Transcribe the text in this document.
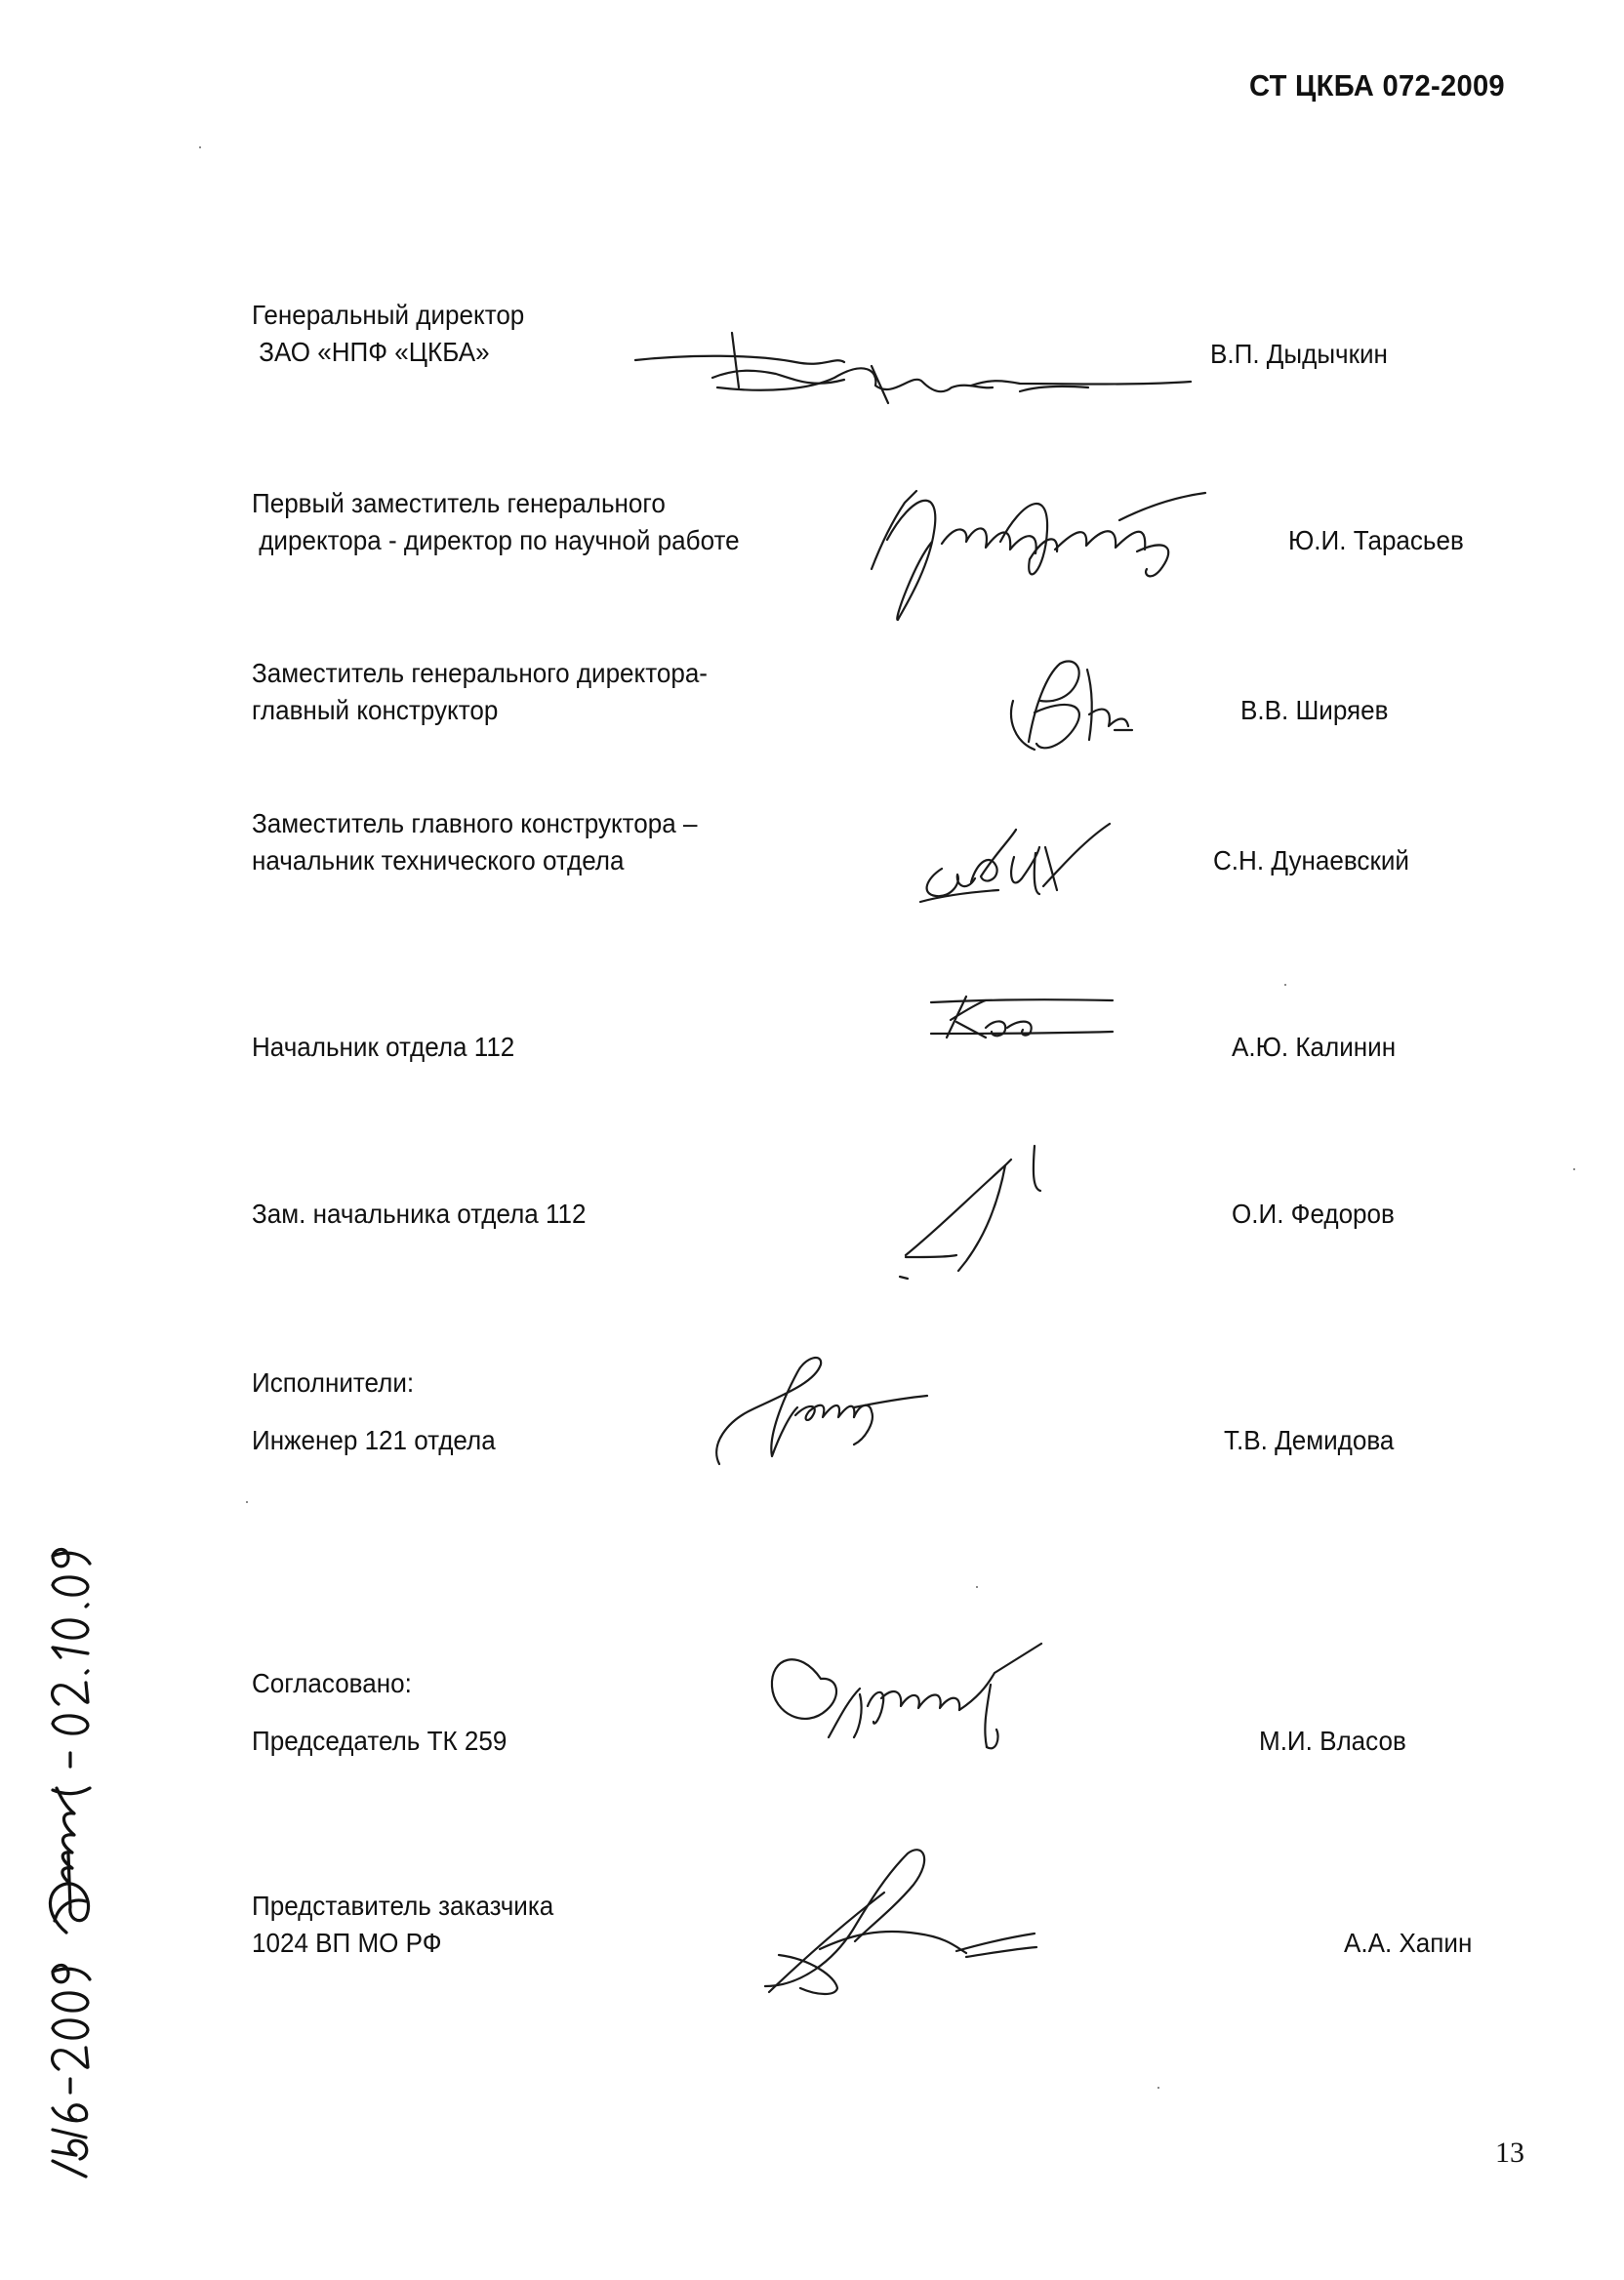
СТ ЦКБА 072-2009
Генеральный директор
ЗАО «НПФ «ЦКБА»	В.П. Дыдычкин
Первый заместитель генерального
директора - директор по научной работе	Ю.И. Тарасьев
Заместитель генерального директора-
главный конструктор	В.В. Ширяев
Заместитель главного конструктора –
начальник технического отдела	С.Н. Дунаевский
Начальник отдела 112	А.Ю. Калинин
Зам. начальника отдела 112	О.И. Федоров
Исполнители:
Инженер 121 отдела	Т.В. Демидова
Согласовано:
Председатель ТК 259	М.И. Власов
Представитель заказчика
1024 ВП МО РФ	А.А. Хапин
13
